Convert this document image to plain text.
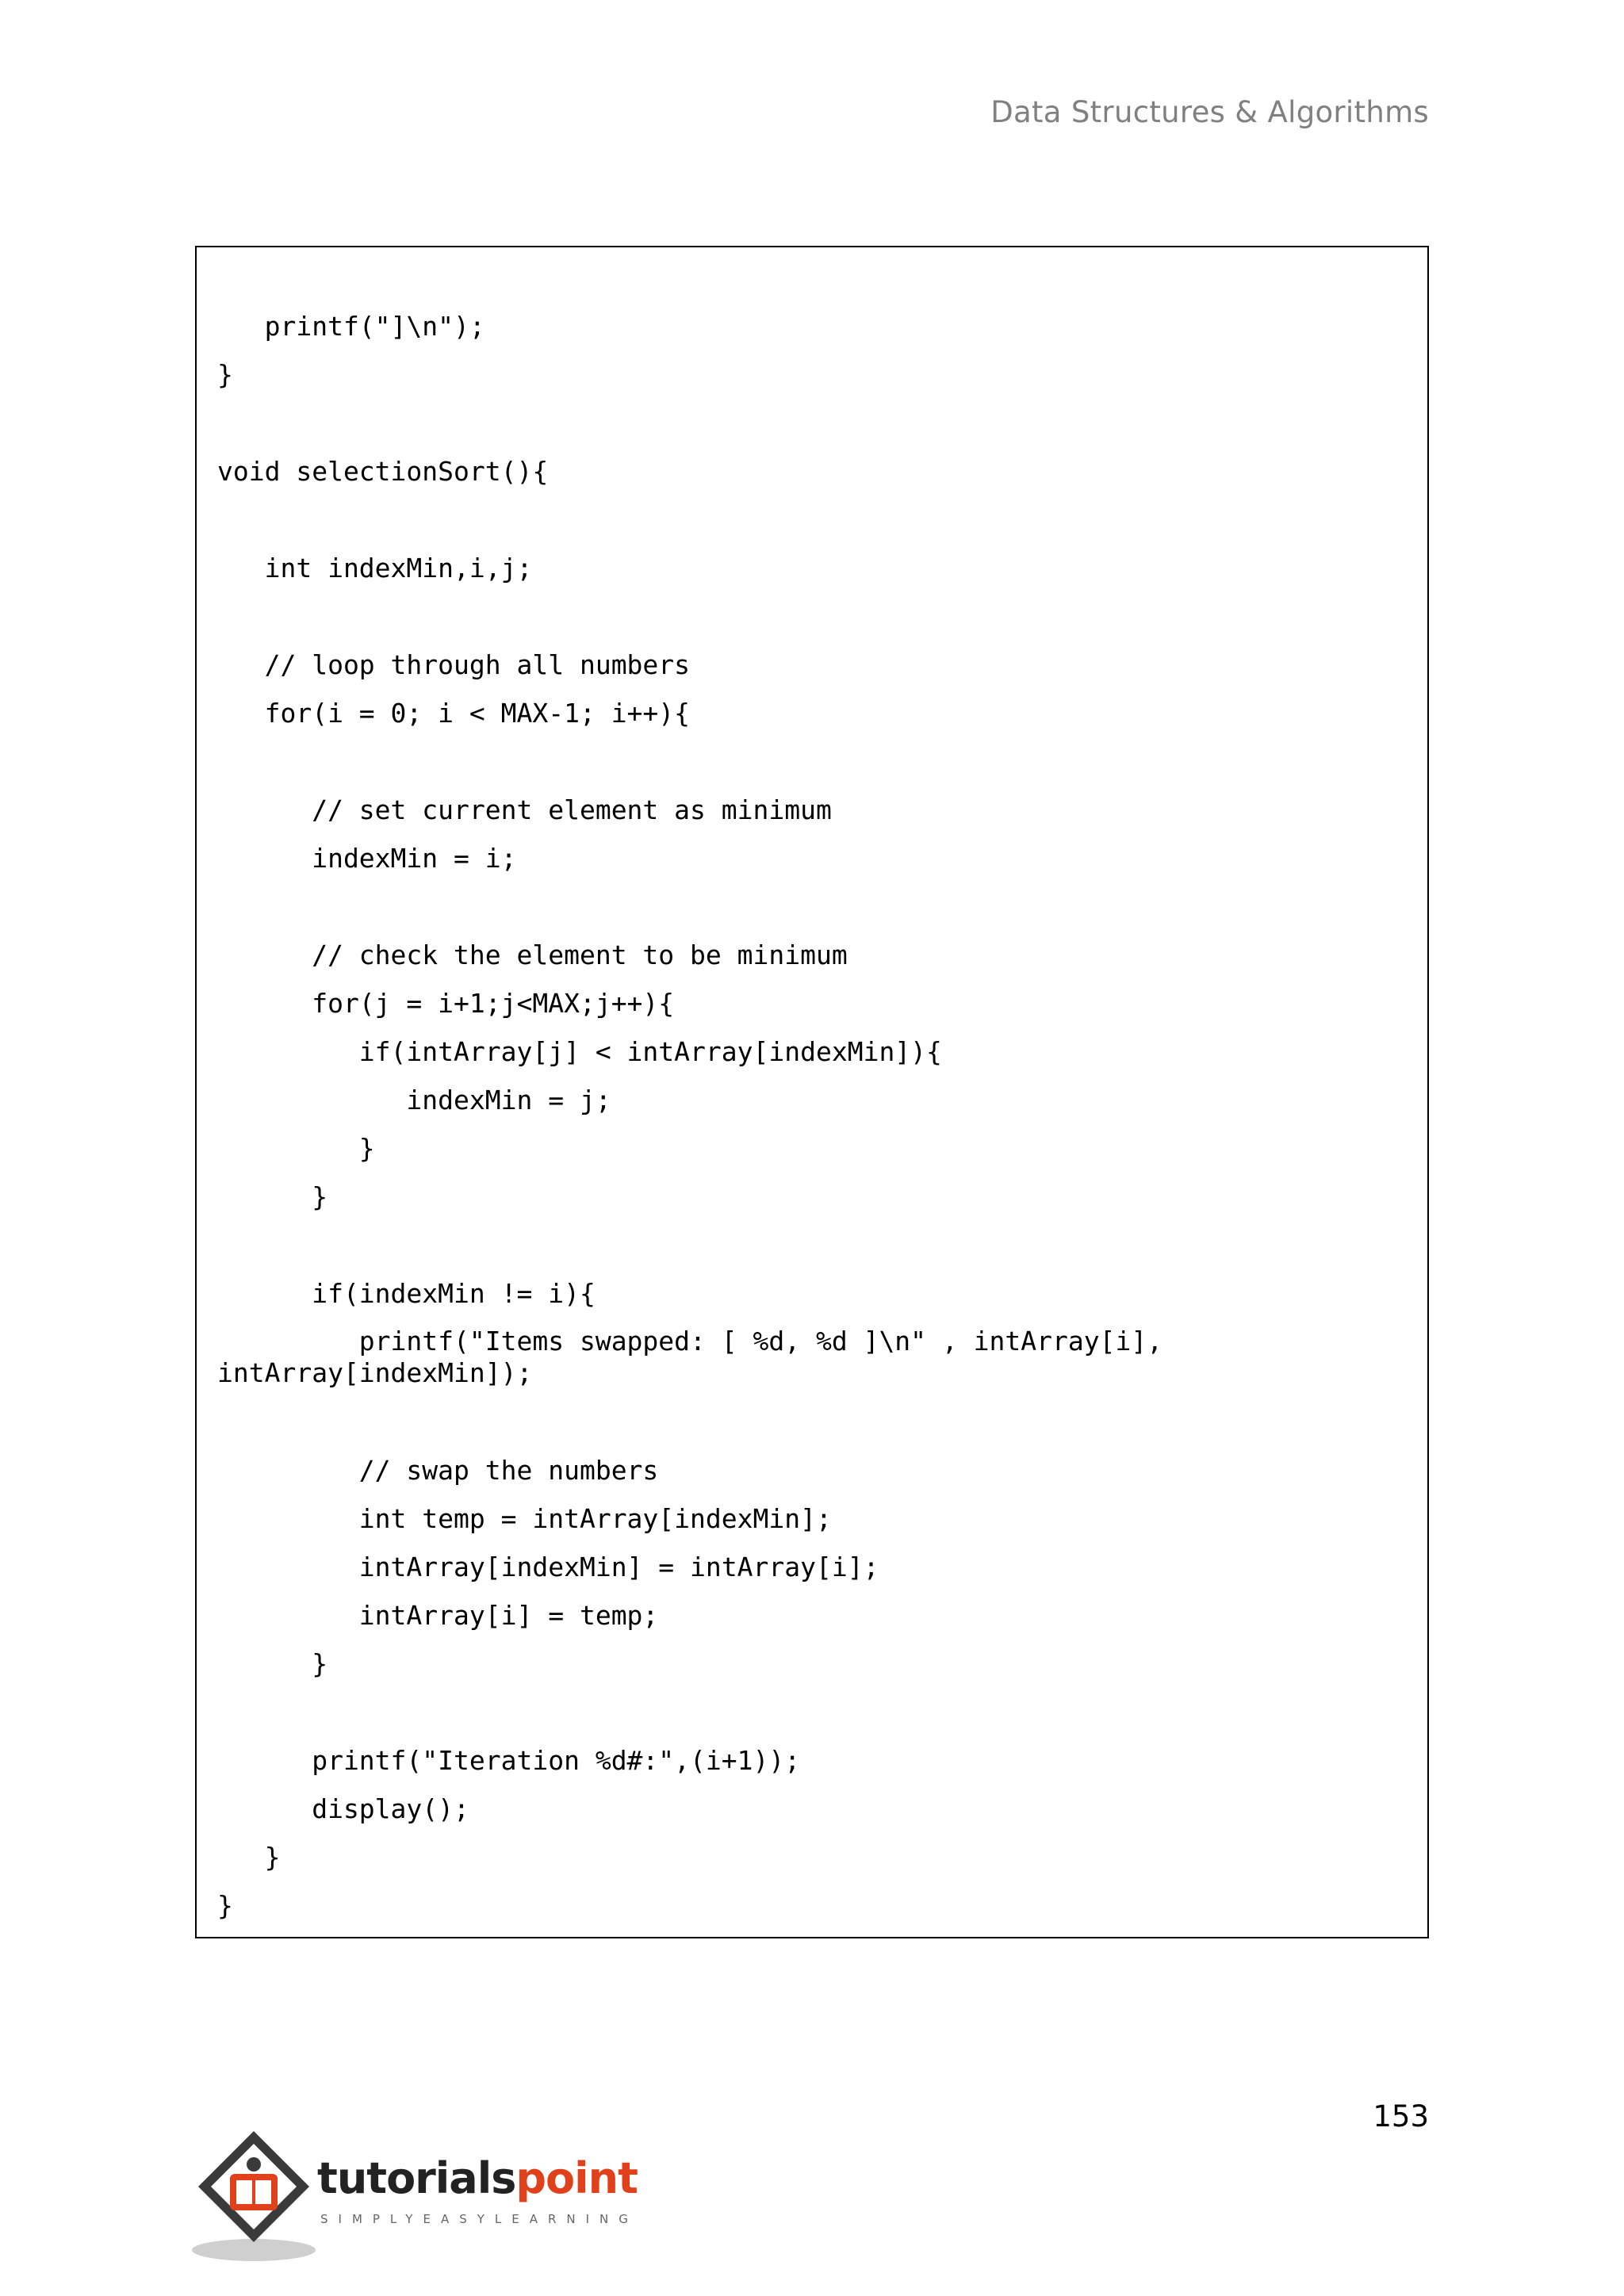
Data Structures & Algorithms
printf("]\n");
}
void selectionSort(){
int indexMin,i,j;
// loop through all numbers
for(i = 0; i < MAX-1; i++){
// set current element as minimum
indexMin = i;
// check the element to be minimum
for(j = i+1;j<MAX;j++){
if(intArray[j] < intArray[indexMin]){
indexMin = j;
}
}
if(indexMin != i){
printf("Items swapped: [ %d, %d ]\n" , intArray[i],
intArray[indexMin]);
// swap the numbers
int temp = intArray[indexMin];
intArray[indexMin] = intArray[i];
intArray[i] = temp;
}
printf("Iteration %d#:",(i+1));
display();
}
}
153
tutorialspoint
SIMPLYEASYLEARNING
